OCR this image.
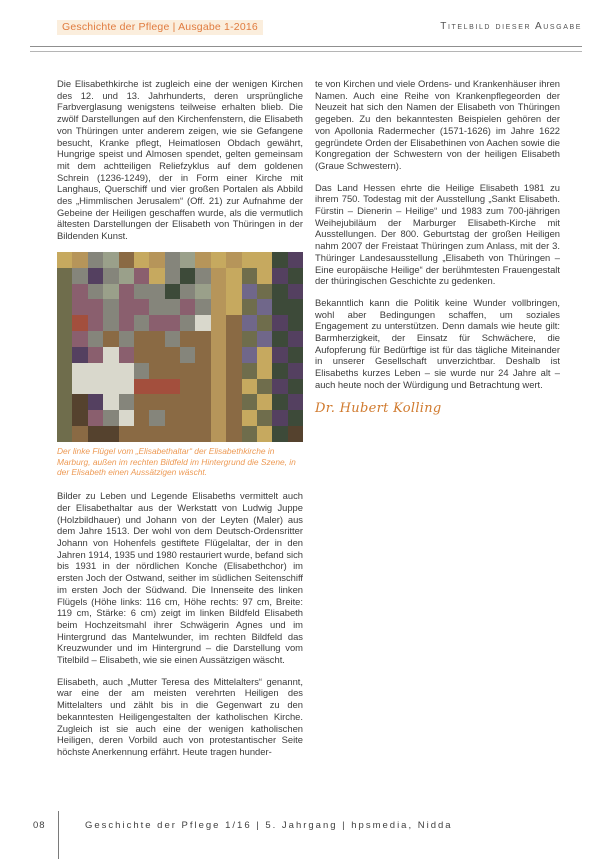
Geschichte der Pflege | Ausgabe 1-2016	Titelbild dieser Ausgabe

Die Elisabethkirche ist zugleich eine der wenigen Kirchen des 12. und 13. Jahrhunderts, deren ursprüngliche Farbverglasung wenigstens teilweise erhalten blieb. Die zwölf Darstellungen auf den Kirchenfenstern, die Elisabeth von Thüringen unter anderem zeigen, wie sie Gefangene besucht, Kranke pflegt, Heimatlosen Obdach gewährt, Hungrige speist und Almosen spendet, gelten gemeinsam mit dem achtteiligen Reliefzyklus auf dem goldenen Schrein (1236-1249), der in Form einer Kirche mit Langhaus, Querschiff und vier großen Portalen als Abbild des „Himmlischen Jerusalem“ (Off. 21) zur Aufnahme der Gebeine der Heiligen geschaffen wurde, als die vermutlich ältesten Darstellungen der Elisabeth von Thüringen in der Bildenden Kunst.

Der linke Flügel vom „Elisabethaltar“ der Elisabethkirche in Marburg, außen im rechten Bildfeld im Hintergrund die Szene, in der Elisabeth einen Aussätzigen wäscht.

Bilder zu Leben und Legende Elisabeths vermittelt auch der Elisabethaltar aus der Werkstatt von Ludwig Juppe (Holzbildhauer) und Johann von der Leyten (Maler) aus dem Jahre 1513. Der wohl von dem Deutsch-Ordensritter Johann von Hohenfels gestiftete Flügelaltar, der in den Jahren 1914, 1935 und 1980 restauriert wurde, befand sich bis 1931 in der nördlichen Konche (Elisabethchor) im ersten Joch der Ostwand, seither im südlichen Seitenschiff im ersten Joch der Südwand. Die Innenseite des linken Flügels (Höhe links: 116 cm, Höhe rechts: 97 cm, Breite: 119 cm, Stärke: 6 cm) zeigt im linken Bildfeld Elisabeth beim Hochzeitsmahl ihrer Schwägerin Agnes und im Hintergrund das Mantelwunder, im rechten Bildfeld das Kreuzwunder und im Hintergrund – die Darstellung vom Titelbild – Elisabeth, wie sie einen Aussätzigen wäscht.

Elisabeth, auch „Mutter Teresa des Mittelalters“ genannt, war eine der am meisten verehrten Heiligen des Mittelalters und zählt bis in die Gegenwart zu den bekanntesten Heiligengestalten der katholischen Kirche. Zugleich ist sie auch eine der wenigen katholischen Heiligen, deren Vorbild auch von protestantischer Seite höchste Anerkennung erfährt. Heute tragen hunder-

te von Kirchen und viele Ordens- und Krankenhäuser ihren Namen. Auch eine Reihe von Krankenpflegeorden der Neuzeit hat sich den Namen der Elisabeth von Thüringen gegeben. Zu den bekanntesten Beispielen gehören der von Apollonia Radermecher (1571-1626) im Jahre 1622 gegründete Orden der Elisabethinen von Aachen sowie die Kongregation der Schwestern von der heiligen Elisabeth (Graue Schwestern).

Das Land Hessen ehrte die Heilige Elisabeth 1981 zu ihrem 750. Todestag mit der Ausstellung „Sankt Elisabeth. Fürstin – Dienerin – Heilige“ und 1983 zum 700-jährigen Weihejubiläum der Marburger Elisabeth-Kirche mit Ausstellungen. Der 800. Geburtstag der großen Heiligen nahm 2007 der Freistaat Thüringen zum Anlass, mit der 3. Thüringer Landesausstellung „Elisabeth von Thüringen – Eine europäische Heilige“ der berühmtesten Frauengestalt der thüringischen Geschichte zu gedenken.

Bekanntlich kann die Politik keine Wunder vollbringen, wohl aber Bedingungen schaffen, um soziales Engagement zu unterstützen. Denn damals wie heute gilt: Barmherzigkeit, der Einsatz für Schwächere, die Aufopferung für Bedürftige ist für das tägliche Miteinander in unserer Gesellschaft unverzichtbar. Deshalb ist Elisabeths kurzes Leben – sie wurde nur 24 Jahre alt – auch heute noch der Würdigung und Betrachtung wert.

Dr. Hubert Kolling
08	Geschichte der Pflege 1/16 | 5. Jahrgang | hpsmedia, Nidda
